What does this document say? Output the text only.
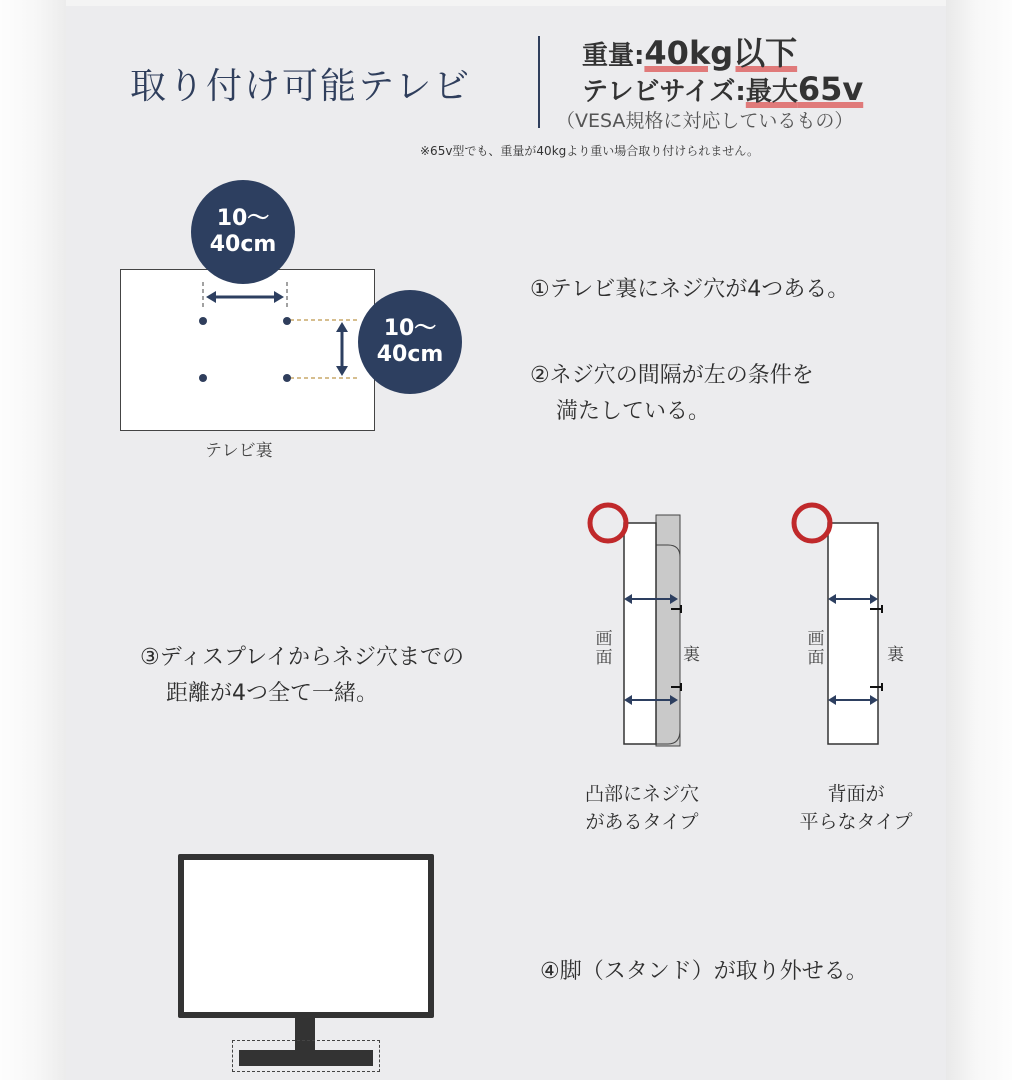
取り付け可能テレビ
重量:40kg以下
テレビサイズ:最大65v
（VESA規格に対応しているもの）
※65v型でも、重量が40kgより重い場合取り付けられません。
10〜
40cm
10〜
40cm
テレビ裏
①テレビ裏にネジ穴が4つある。
②ネジ穴の間隔が左の条件を
満たしている。
③ディスプレイからネジ穴までの
距離が4つ全て一緒。
画面	裏
画面	裏
凸部にネジ穴
があるタイプ
背面が
平らなタイプ
④脚（スタンド）が取り外せる。
